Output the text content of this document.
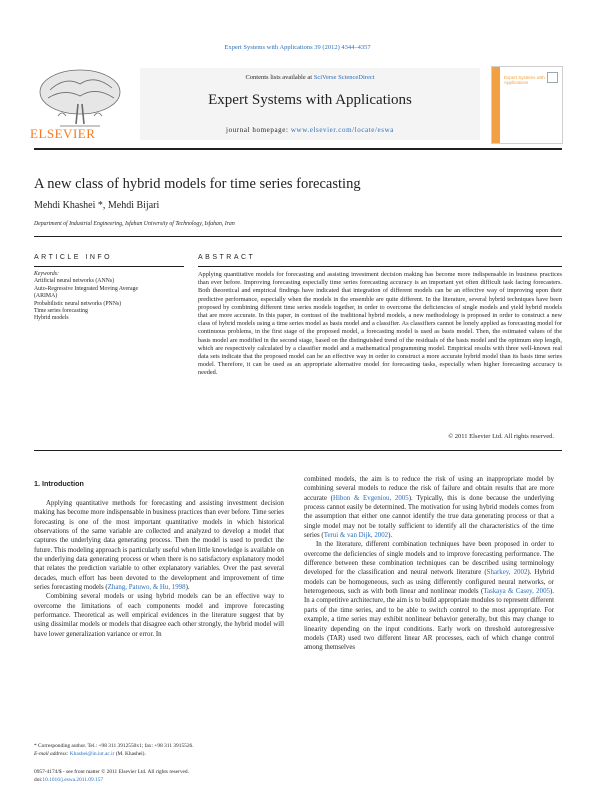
Expert Systems with Applications 39 (2012) 4344–4357
Contents lists available at SciVerse ScienceDirect
Expert Systems with Applications
journal homepage: www.elsevier.com/locate/eswa
ELSEVIER
Expert Systems with Applications
A new class of hybrid models for time series forecasting
Mehdi Khashei *, Mehdi Bijari
Department of Industrial Engineering, Isfahan University of Technology, Isfahan, Iran
ARTICLE INFO	ABSTRACT
Keywords:
Artificial neural networks (ANNs)
Auto-Regressive Integrated Moving Average
(ARIMA)
Probabilistic neural networks (PNNs)
Time series forecasting
Hybrid models
Applying quantitative models for forecasting and assisting investment decision making has become more indispensable in business practices than ever before. Improving forecasting especially time series forecasting accuracy is an important yet often difficult task facing forecasters. Both theoretical and empirical findings have indicated that integration of different models can be an effective way of improving upon their predictive performance, especially when the models in the ensemble are quite different. In the literature, several hybrid techniques have been proposed by combining different time series models together, in order to overcome the deficiencies of single models and yield hybrid models that are more accurate. In this paper, in contrast of the traditional hybrid models, a new methodology is proposed in order to construct a new class of hybrid models using a time series model as basis model and a classifier. As classifiers cannot be lonely applied as forecasting model for continuous problems, in the first stage of the proposed model, a forecasting model is used as basis model. Then, the estimated values of the basis model are modified in the second stage, based on the distinguished trend of the residuals of the basis model and the optimum step length, which are respectively calculated by a classifier model and a mathematical programming model. Empirical results with three well-known real data sets indicate that the proposed model can be an effective way in order to construct a more accurate hybrid model than its basis time series model. Therefore, it can be used as an appropriate alternative model for forecasting tasks, especially when higher forecasting accuracy is needed.
© 2011 Elsevier Ltd. All rights reserved.
1. Introduction

Applying quantitative methods for forecasting and assisting investment decision making has become more indispensable in business practices than ever before. Time series forecasting is one of the most important quantitative models in which historical observations of the same variable are collected and analyzed to develop a model that captures the underlying data generating process. Then the model is used to predict the future. This modeling approach is particularly useful when little knowledge is available on the underlying data generating process or when there is no satisfactory explanatory model that relates the prediction variable to other explanatory variables. Over the past several decades, much effort has been devoted to the development and improvement of time series forecasting models (Zhang, Patuwo, & Hu, 1998).

Combining several models or using hybrid models can be an effective way to overcome the limitations of each components model and improve forecasting performance. Theoretical as well empirical evidences in the literature suggest that by using dissimilar models or models that disagree each other strongly, the hybrid model will have lower generalization variance or error. In

combined models, the aim is to reduce the risk of using an inappropriate model by combining several models to reduce the risk of failure and obtain results that are more accurate (Hibon & Evgeniou, 2005). Typically, this is done because the underlying process cannot easily be determined. The motivation for using hybrid models comes from the assumption that either one cannot identify the true data generating process or that a single model may not be totally sufficient to identify all the characteristics of the time series (Terui & van Dijk, 2002).

In the literature, different combination techniques have been proposed in order to overcome the deficiencies of single models and to improve forecasting performance. The difference between these combination techniques can be described using terminology developed for the classification and neural network literature (Sharkey, 2002). Hybrid models can be homogeneous, such as using differently configured neural networks, or heterogeneous, such as with both linear and nonlinear models (Taskaya & Casey, 2005). In a competitive architecture, the aim is to build appropriate modules to represent different parts of the time series, and to be able to switch control to the most appropriate. For example, a time series may exhibit nonlinear behavior generally, but this may change to linearity depending on the input conditions. Early work on threshold autoregressive models (TAR) used two different linear AR processes, each of which change control among themselves

* Corresponding author. Tel.: +98 311 3912550x1; fax: +98 311 3915526.
E-mail address: Khashei@in.iut.ac.ir (M. Khashei).
0957-4174/$ - see front matter © 2011 Elsevier Ltd. All rights reserved.
doi:10.1016/j.eswa.2011.09.157
